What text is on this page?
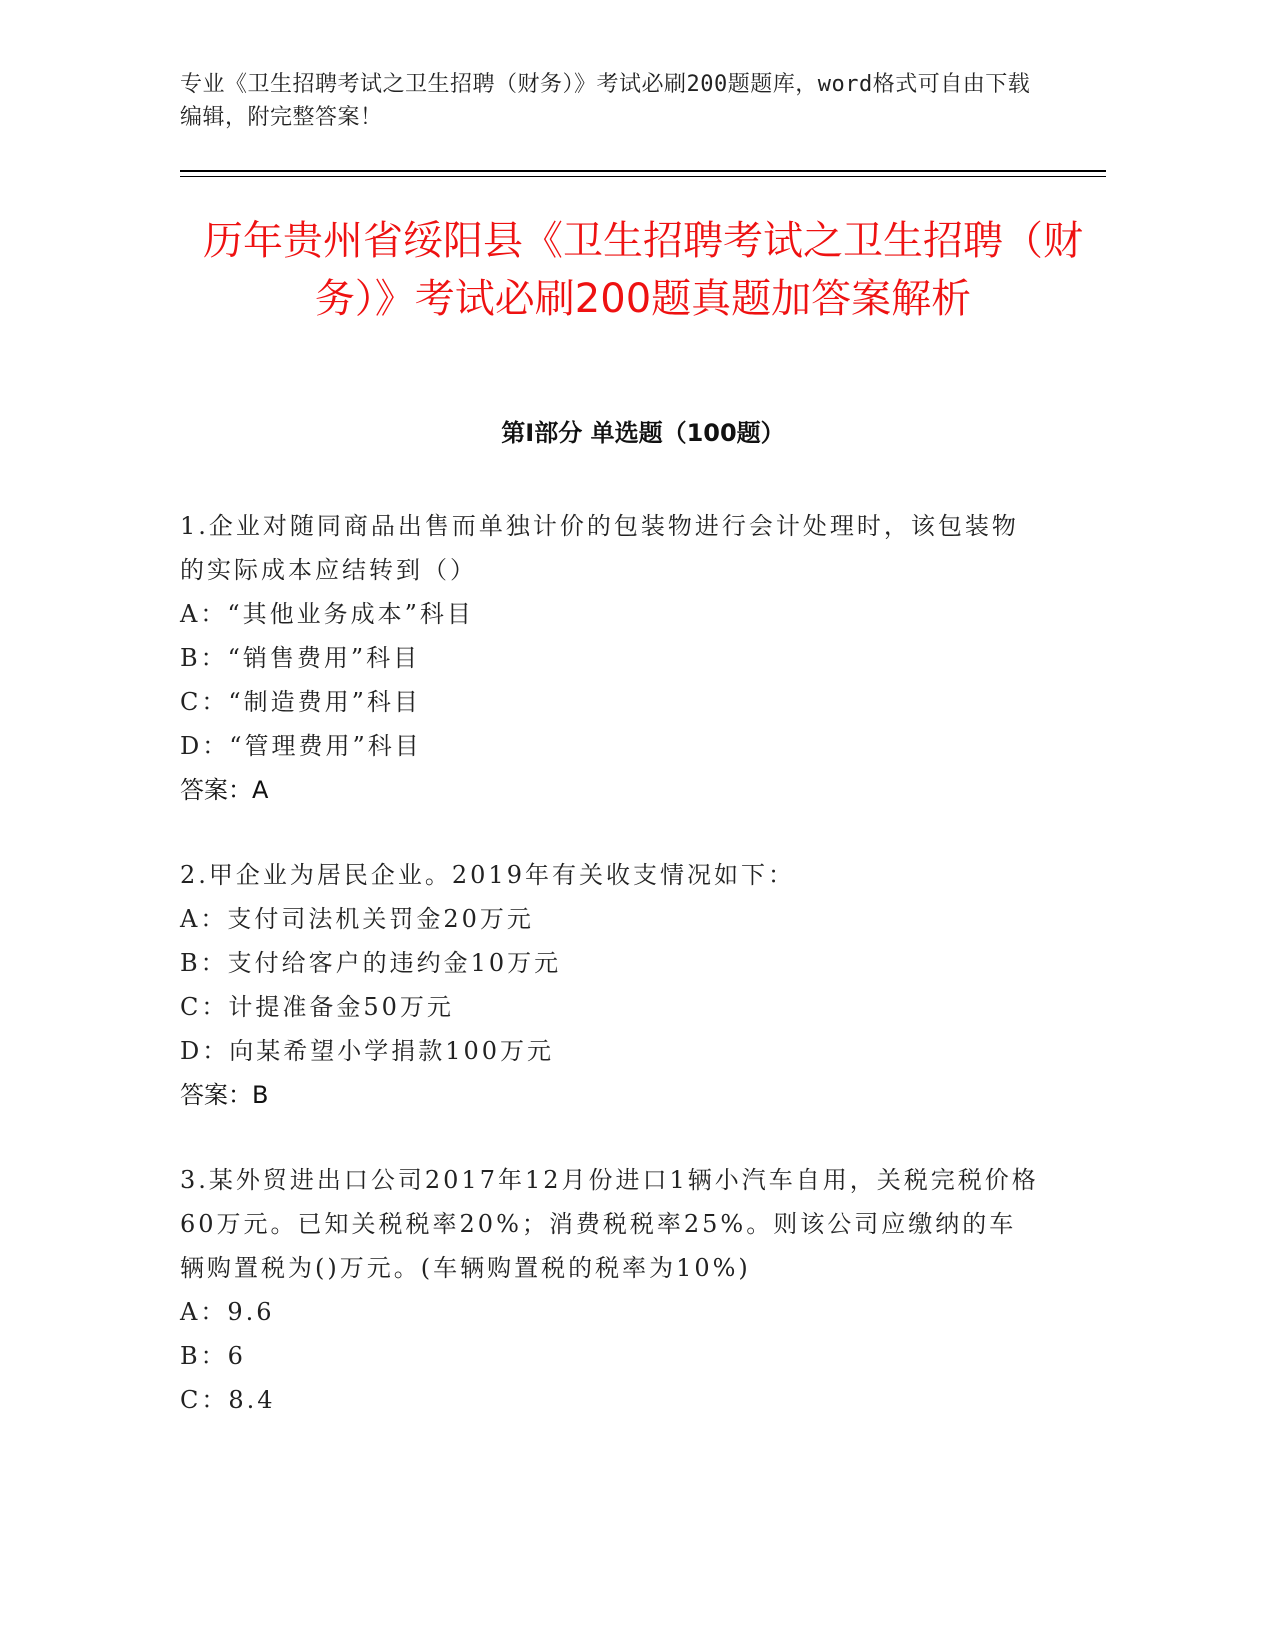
专业《卫生招聘考试之卫生招聘（财务）》考试必刷200题题库，word格式可自由下载编辑，附完整答案！
历年贵州省绥阳县《卫生招聘考试之卫生招聘（财务）》考试必刷200题真题加答案解析
第I部分 单选题（100题）

1.企业对随同商品出售而单独计价的包装物进行会计处理时，该包装物的实际成本应结转到（）

A：“其他业务成本”科目

B：“销售费用”科目

C：“制造费用”科目

D：“管理费用”科目

答案：A

2.甲企业为居民企业。2019年有关收支情况如下：

A：支付司法机关罚金20万元

B：支付给客户的违约金10万元

C：计提准备金50万元

D：向某希望小学捐款100万元

答案：B

3.某外贸进出口公司2017年12月份进口1辆小汽车自用，关税完税价格60万元。已知关税税率20%；消费税税率25%。则该公司应缴纳的车辆购置税为()万元。(车辆购置税的税率为10%)

A：9.6

B：6

C：8.4
